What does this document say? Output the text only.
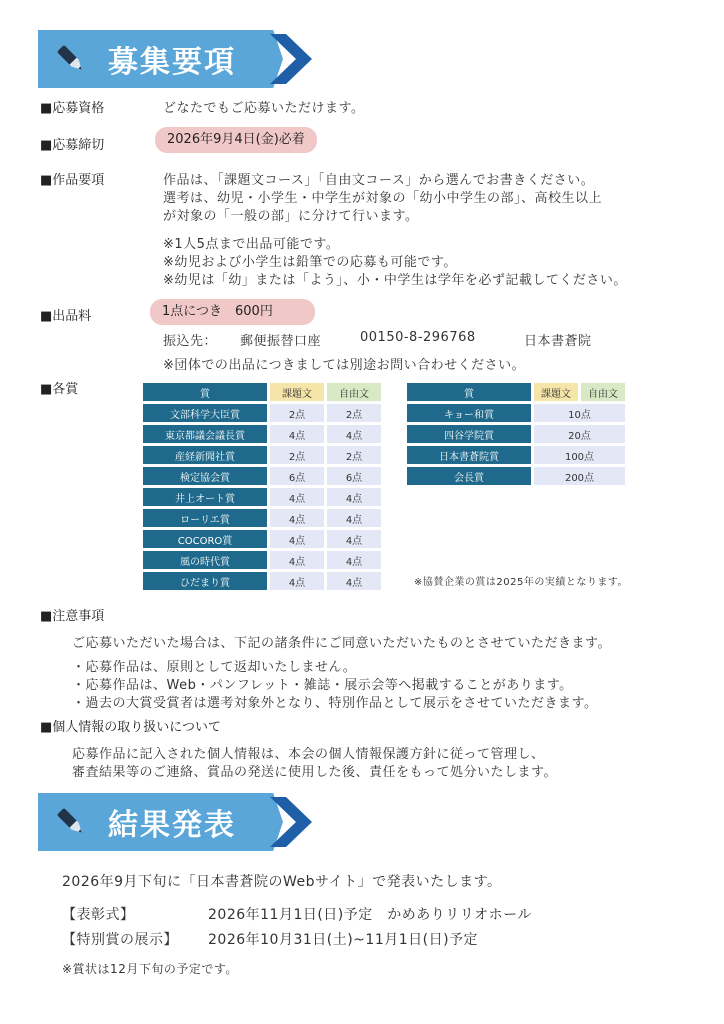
募集要項
■応募資格	どなたでもご応募いただけます。
■応募締切	2026年9月4日(金)必着
■作品要項	作品は、「課題文コース」「自由文コース」から選んでお書きください。
選考は、幼児・小学生・中学生が対象の「幼小中学生の部」、高校生以上
が対象の「一般の部」に分けて行います。
※1人5点まで出品可能です。
※幼児および小学生は鉛筆での応募も可能です。
※幼児は「幼」または「よう」、小・中学生は学年を必ず記載してください。
■出品料	1点につき　600円
振込先： 郵便振替口座	00150-8-296768	日本書蒼院
※団体での出品につきましては別途お問い合わせください。
■各賞	賞	課題文	自由文
文部科学大臣賞	2点	2点
東京都議会議長賞	4点	4点
産経新聞社賞	2点	2点
検定協会賞	6点	6点
井上オート賞	4点	4点
ローリエ賞	4点	4点
COCORO賞	4点	4点
風の時代賞	4点	4点
ひだまり賞	4点	4点
賞	課題文	自由文
キョー和賞	10点	
四谷学院賞	20点	
日本書蒼院賞	100点	
会長賞	200点	
※協賛企業の賞は2025年の実績となります。
■注意事項
ご応募いただいた場合は、下記の諸条件にご同意いただいたものとさせていただきます。
・応募作品は、原則として返却いたしません。
・応募作品は、Web・パンフレット・雑誌・展示会等へ掲載することがあります。
・過去の大賞受賞者は選考対象外となり、特別作品として展示をさせていただきます。
■個人情報の取り扱いについて
応募作品に記入された個人情報は、本会の個人情報保護方針に従って管理し、
審査結果等のご連絡、賞品の発送に使用した後、責任をもって処分いたします。
結果発表
2026年9月下旬に「日本書蒼院のWebサイト」で発表いたします。
【表彰式】	2026年11月1日(日)予定　かめありリリオホール
【特別賞の展示】 2026年10月31日(土)~11月1日(日)予定
※賞状は12月下旬の予定です。
